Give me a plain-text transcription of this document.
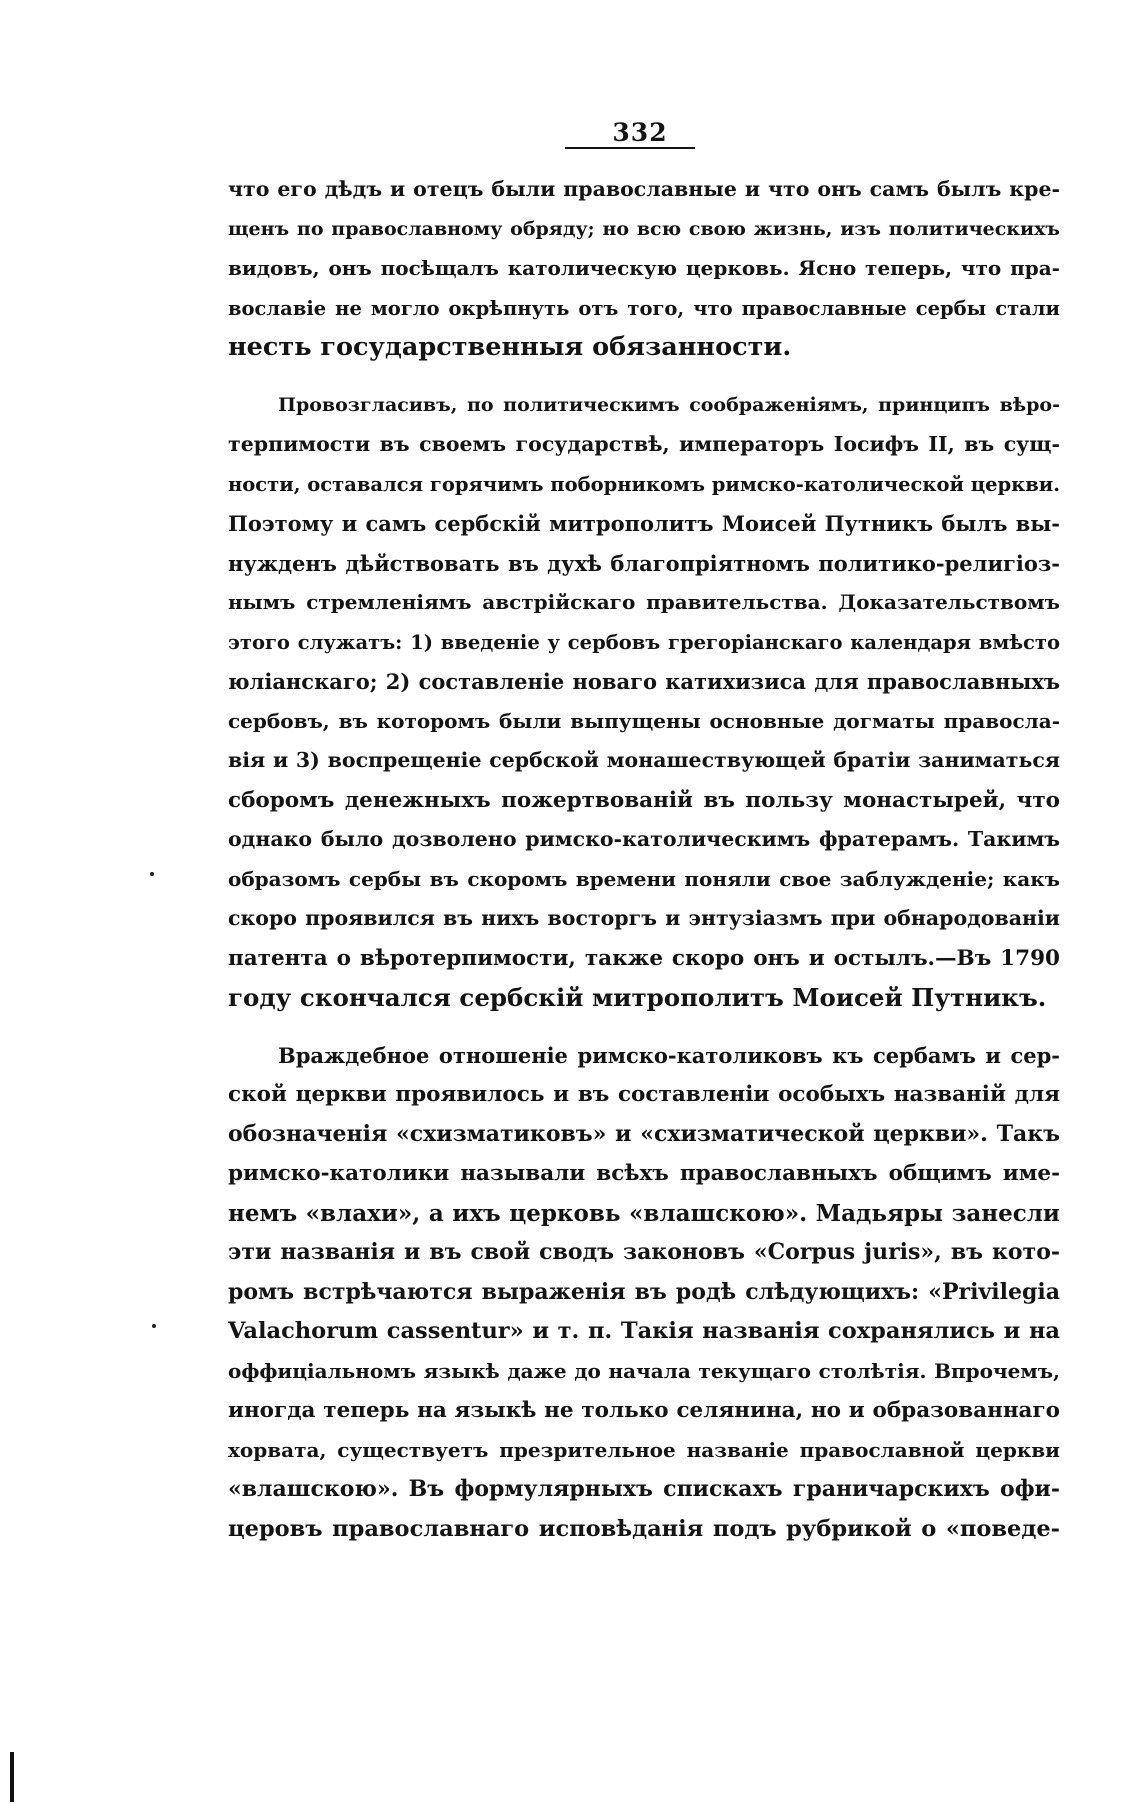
332
что его дѣдъ и отецъ были православные и что онъ самъ былъ кре-
щенъ по православному обряду; но всю свою жизнь, изъ политическихъ
видовъ, онъ посѣщалъ католическую церковь. Ясно теперь, что пра-
вославіе не могло окрѣпнуть отъ того, что православные сербы стали
несть государственныя обязанности.
Провозгласивъ, по политическимъ соображеніямъ, принципъ вѣро-
терпимости въ своемъ государствѣ, императоръ Іосифъ II, въ сущ-
ности, оставался горячимъ поборникомъ римско-католической церкви.
Поэтому и самъ сербскій митрополитъ Моисей Путникъ былъ вы-
нужденъ дѣйствовать въ духѣ благопріятномъ политико-религіоз-
нымъ стремленіямъ австрійскаго правительства. Доказательствомъ
этого служатъ: 1) введеніе у сербовъ грегоріанскаго календаря вмѣсто
юліанскаго; 2) составленіе новаго катихизиса для православныхъ
сербовъ, въ которомъ были выпущены основные догматы правосла-
вія и 3) воспрещеніе сербской монашествующей братіи заниматься
сборомъ денежныхъ пожертвованій въ пользу монастырей, что
однако было дозволено римско-католическимъ фратерамъ. Такимъ
образомъ сербы въ скоромъ времени поняли свое заблужденіе; какъ
скоро проявился въ нихъ восторгъ и энтузіазмъ при обнародованіи
патента о вѣротерпимости, также скоро онъ и остылъ.—Въ 1790
году скончался сербскій митрополитъ Моисей Путникъ.
Враждебное отношеніе римско-католиковъ къ сербамъ и сер-
ской церкви проявилось и въ составленіи особыхъ названій для
обозначенія «схизматиковъ» и «схизматической церкви». Такъ
римско-католики называли всѣхъ православныхъ общимъ име-
немъ «влахи», а ихъ церковь «влашскою». Мадьяры занесли
эти названія и въ свой сводъ законовъ «Corpus juris», въ кото-
ромъ встрѣчаются выраженія въ родѣ слѣдующихъ: «Privilegia
Valachorum cassentur» и т. п. Такія названія сохранялись и на
оффиціальномъ языкѣ даже до начала текущаго столѣтія. Впрочемъ,
иногда теперь на языкѣ не только селянина, но и образованнаго
хорвата, существуетъ презрительное названіе православной церкви
«влашскою». Въ формулярныхъ спискахъ граничарскихъ офи-
церовъ православнаго исповѣданія подъ рубрикой о «поведе-
